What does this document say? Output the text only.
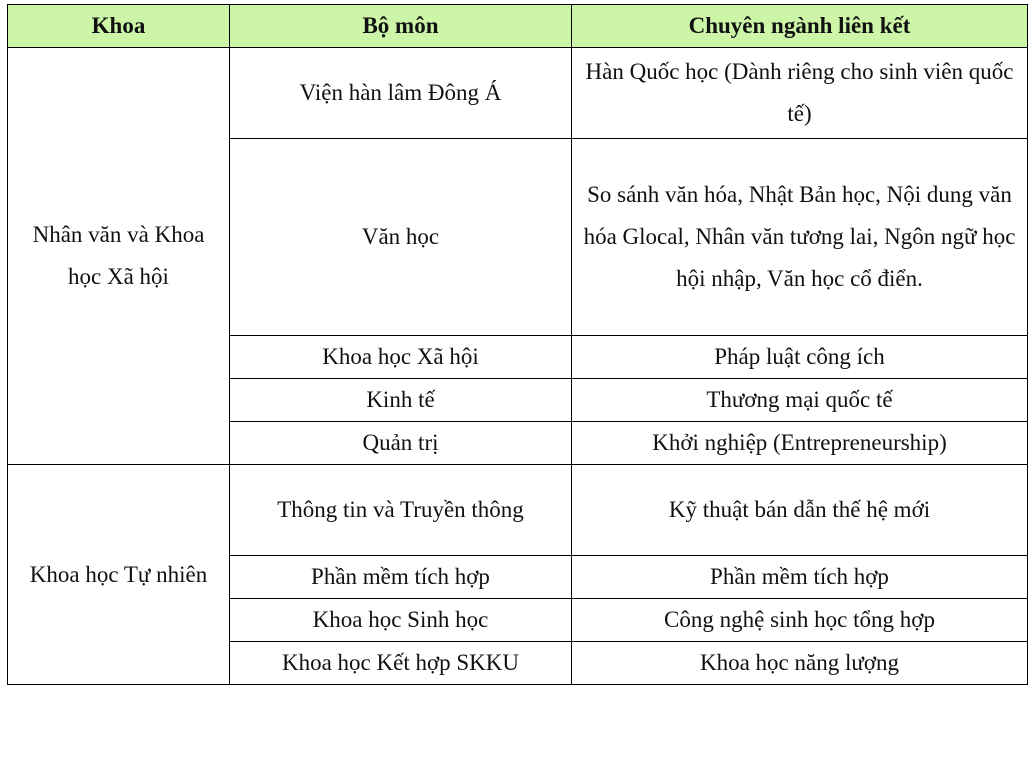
Khoa	Bộ môn	Chuyên ngành liên kết
Nhân văn và Khoa học Xã hội	Viện hàn lâm Đông Á	Hàn Quốc học (Dành riêng cho sinh viên quốc tế)
	Văn học	So sánh văn hóa, Nhật Bản học, Nội dung văn hóa Glocal, Nhân văn tương lai, Ngôn ngữ học hội nhập, Văn học cổ điển.
	Khoa học Xã hội	Pháp luật công ích
	Kinh tế	Thương mại quốc tế
	Quản trị	Khởi nghiệp (Entrepreneurship)
Khoa học Tự nhiên	Thông tin và Truyền thông	Kỹ thuật bán dẫn thế hệ mới
	Phần mềm tích hợp	Phần mềm tích hợp
	Khoa học Sinh học	Công nghệ sinh học tổng hợp
	Khoa học Kết hợp SKKU	Khoa học năng lượng
